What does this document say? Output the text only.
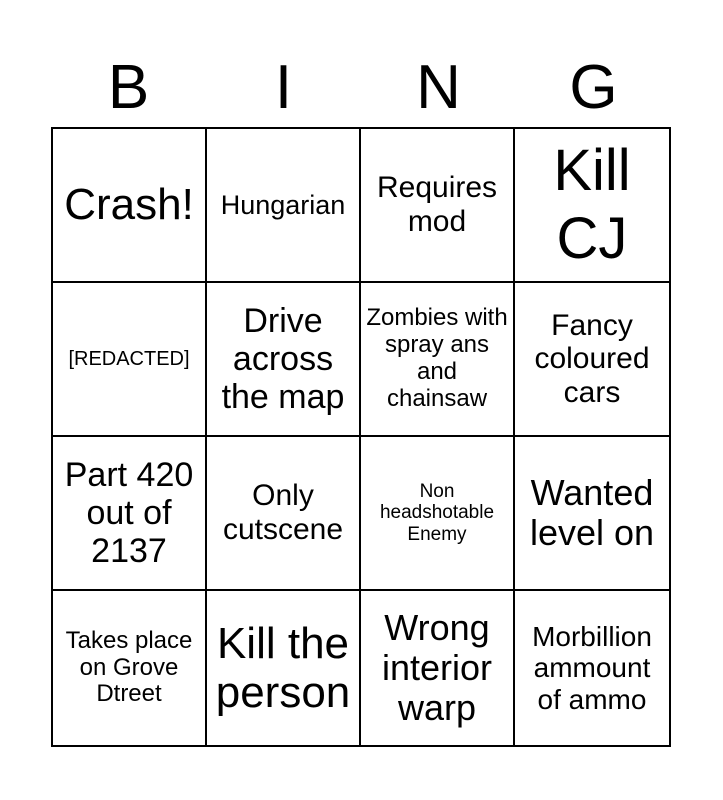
B	I	N	G
Crash! Hungarian
Requires mod
Kill CJ
[REDACTED]
Drive across the map
Zombies with spray ans and chainsaw
Fancy coloured cars
Part 420 out of 2137
Only cutscene
Non headshotable Enemy
Wanted level on
Takes place on Grove Dtreet
Kill the person
Wrong interior warp
Morbillion ammount of ammo
